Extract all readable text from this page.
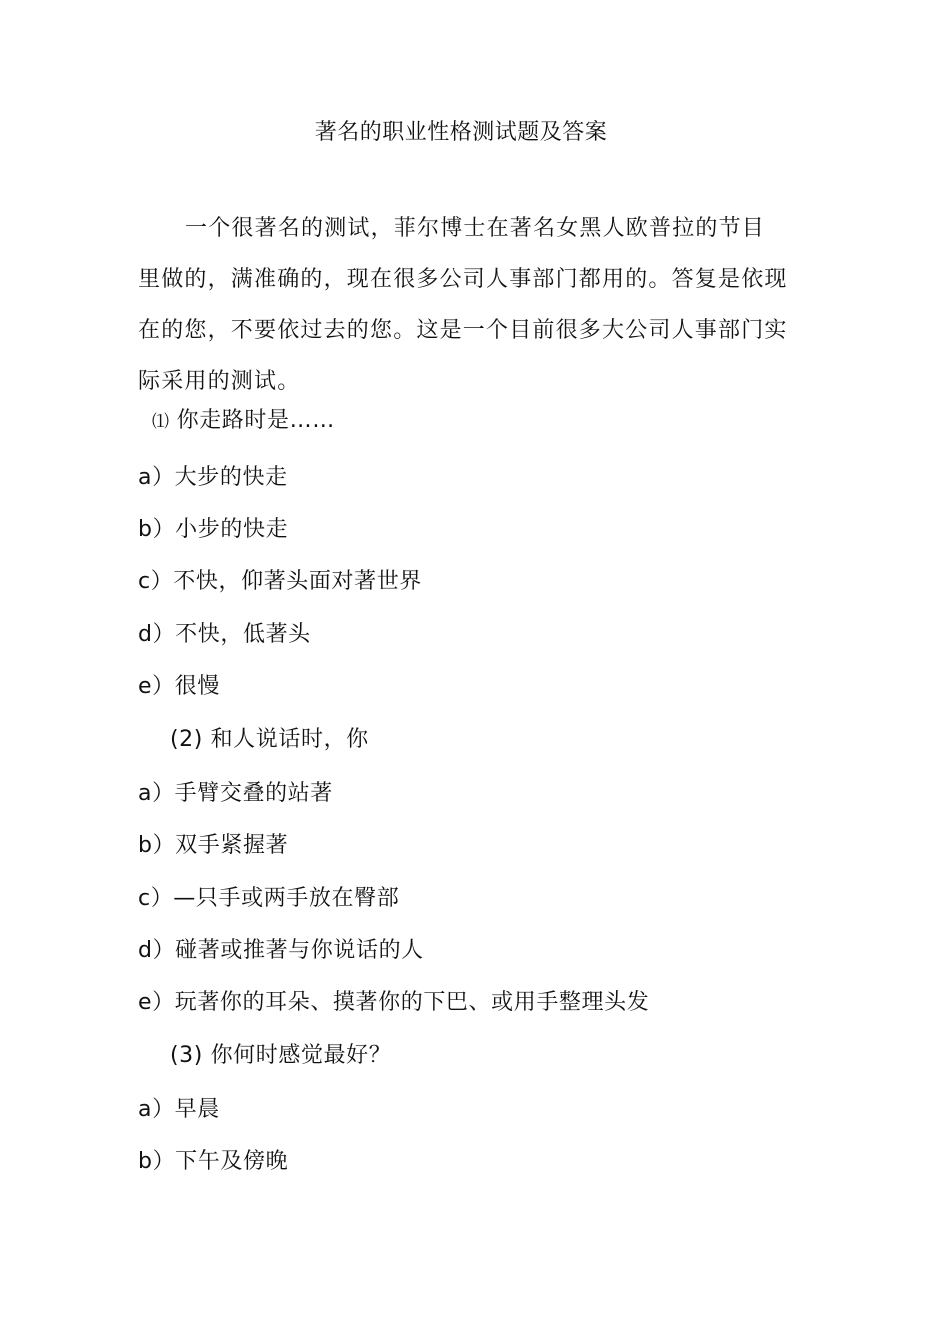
著名的职业性格测试题及答案

一个很著名的测试，菲尔博士在著名女黑人欧普拉的节目里做的，满准确的，现在很多公司人事部门都用的。答复是依现在的您，不要依过去的您。这是一个目前很多大公司人事部门实际采用的测试。

⑴ 你走路时是……
a）大步的快走
b）小步的快走
c）不快，仰著头面对著世界
d）不快，低著头
e）很慢
(2) 和人说话时，你
a）手臂交叠的站著
b）双手紧握著
c）—只手或两手放在臀部
d）碰著或推著与你说话的人
e）玩著你的耳朵、摸著你的下巴、或用手整理头发
(3) 你何时感觉最好？
a）早晨
b）下午及傍晚
